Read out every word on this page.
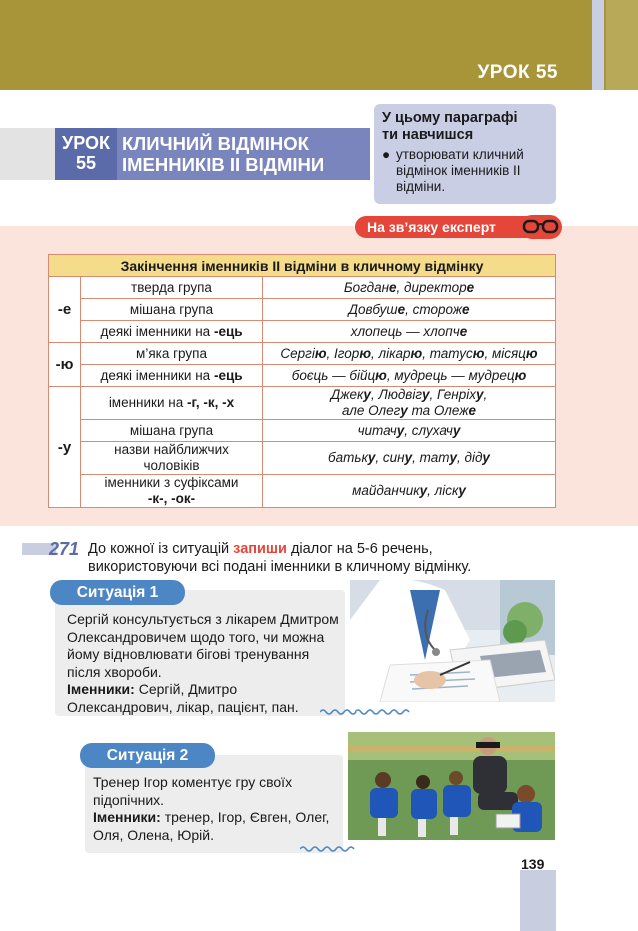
УРОК 55
УРОК
55
КЛИЧНИЙ ВІДМІНОК
ІМЕННИКІВ ІІ ВІДМІНИ
У цьому параграфі
ти навчишся
● утворювати кличний відмінок іменників ІІ відміни.
На зв’язку експерт
Закінчення іменників ІІ відміни в кличному відмінку		
-е	тверда група	Богдане, директоре
	мішана група	Довбуше, стороже
	деякі іменники на -ець	хлопець — хлопче
-ю	м’яка група	Сергію, Ігорю, лікарю, татусю, місяцю
	деякі іменники на -ець	боєць — бійцю, мудрець — мудрецю
-у	іменники на -г, -к, -х	Джеку, Людвігу, Генріху,
але Олегу та Олеже
	мішана група	читачу, слухачу
	назви найближчих чоловіків	батьку, сину, тату, діду
	іменники з суфіксами
-к-, -ок-	майданчику, ліску
271 До кожної із ситуацій запиши діалог на 5-6 речень, використовуючи всі подані іменники в кличному відмінку.
Ситуація 1
Сергій консультується з лікарем Дмитром Олександровичем щодо того, чи можна йому відновлювати бігові тренування після хвороби.
Іменники: Сергій, Дмитро Олександрович, лікар, пацієнт, пан.
Ситуація 2
Тренер Ігор коментує гру своїх підопічних.
Іменники: тренер, Ігор, Євген, Олег, Оля, Олена, Юрій.
139
